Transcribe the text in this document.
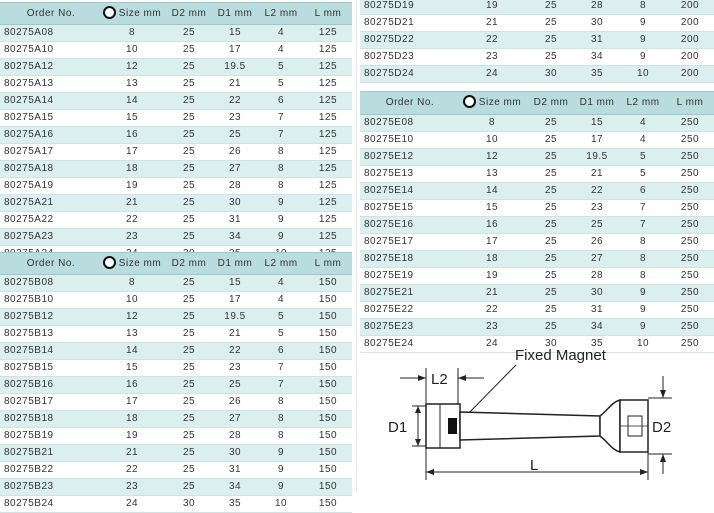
Order No.	Size mm	D2 mm	D1 mm	L2 mm	L mm
80275A08	8	25	15	4	125
80275A10	10	25	17	4	125
80275A12	12	25	19.5	5	125
80275A13	13	25	21	5	125
80275A14	14	25	22	6	125
80275A15	15	25	23	7	125
80275A16	16	25	25	7	125
80275A17	17	25	26	8	125
80275A18	18	25	27	8	125
80275A19	19	25	28	8	125
80275A21	21	25	30	9	125
80275A22	22	25	31	9	125
80275A23	23	25	34	9	125
80275A24	24	30	35	10	125
Order No.	Size mm	D2 mm	D1 mm	L2 mm	L mm
80275B08	8	25	15	4	150
80275B10	10	25	17	4	150
80275B12	12	25	19.5	5	150
80275B13	13	25	21	5	150
80275B14	14	25	22	6	150
80275B15	15	25	23	7	150
80275B16	16	25	25	7	150
80275B17	17	25	26	8	150
80275B18	18	25	27	8	150
80275B19	19	25	28	8	150
80275B21	21	25	30	9	150
80275B22	22	25	31	9	150
80275B23	23	25	34	9	150
80275B24	24	30	35	10	150
80275D19	19	25	28	8	200
80275D21	21	25	30	9	200
80275D22	22	25	31	9	200
80275D23	23	25	34	9	200
80275D24	24	30	35	10	200
Order No.	Size mm	D2 mm	D1 mm	L2 mm	L mm
80275E08	8	25	15	4	250
80275E10	10	25	17	4	250
80275E12	12	25	19.5	5	250
80275E13	13	25	21	5	250
80275E14	14	25	22	6	250
80275E15	15	25	23	7	250
80275E16	16	25	25	7	250
80275E17	17	25	26	8	250
80275E18	18	25	27	8	250
80275E19	19	25	28	8	250
80275E21	21	25	30	9	250
80275E22	22	25	31	9	250
80275E23	23	25	34	9	250
80275E24	24	30	35	10	250
Fixed Magnet
L2
D1	D2
L
